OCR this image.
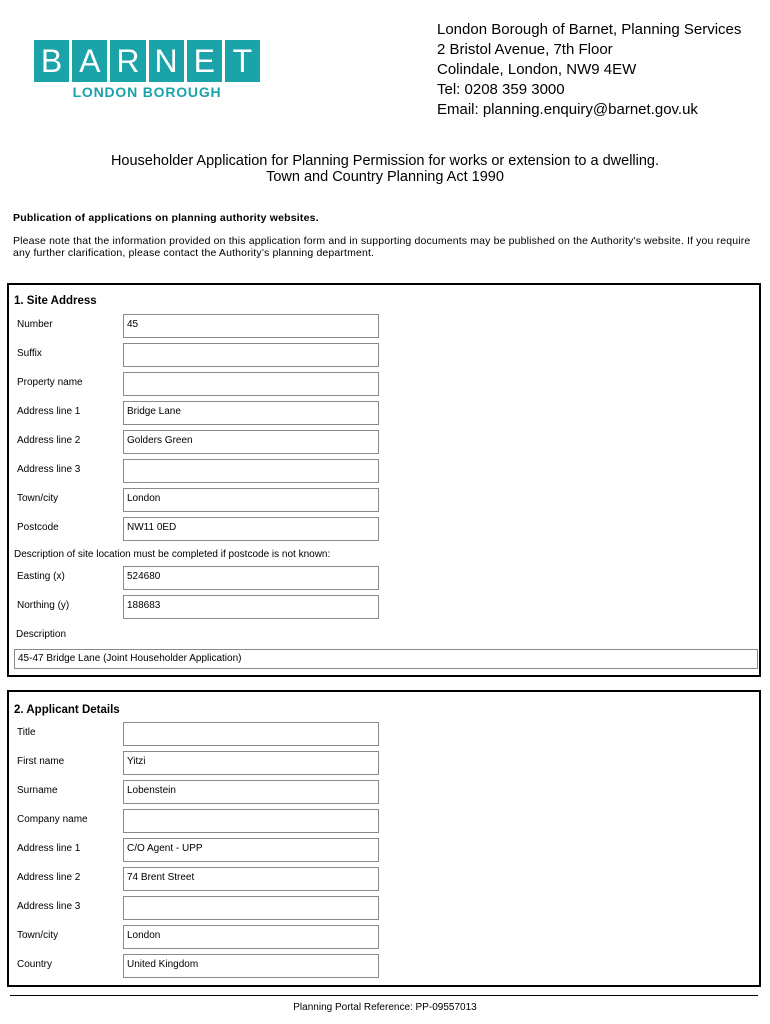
B A R N E T
LONDON BOROUGH
London Borough of Barnet, Planning Services
2 Bristol Avenue, 7th Floor
Colindale, London, NW9 4EW
Tel: 0208 359 3000
Email: planning.enquiry@barnet.gov.uk
Householder Application for Planning Permission for works or extension to a dwelling.
Town and Country Planning Act 1990
Publication of applications on planning authority websites.
Please note that the information provided on this application form and in supporting documents may be published on the Authority’s website. If you require any further clarification, please contact the Authority’s planning department.
1. Site Address
Number	45
Suffix
Property name
Address line 1	Bridge Lane
Address line 2	Golders Green
Address line 3
Town/city	London
Postcode	NW11 0ED
Description of site location must be completed if postcode is not known:
Easting (x)	524680
Northing (y)	188683
Description
45-47 Bridge Lane (Joint Householder Application)
2. Applicant Details
Title
First name	Yitzi
Surname	Lobenstein
Company name
Address line 1	C/O Agent - UPP
Address line 2	74 Brent Street
Address line 3
Town/city	London
Country	United Kingdom
Planning Portal Reference: PP-09557013
